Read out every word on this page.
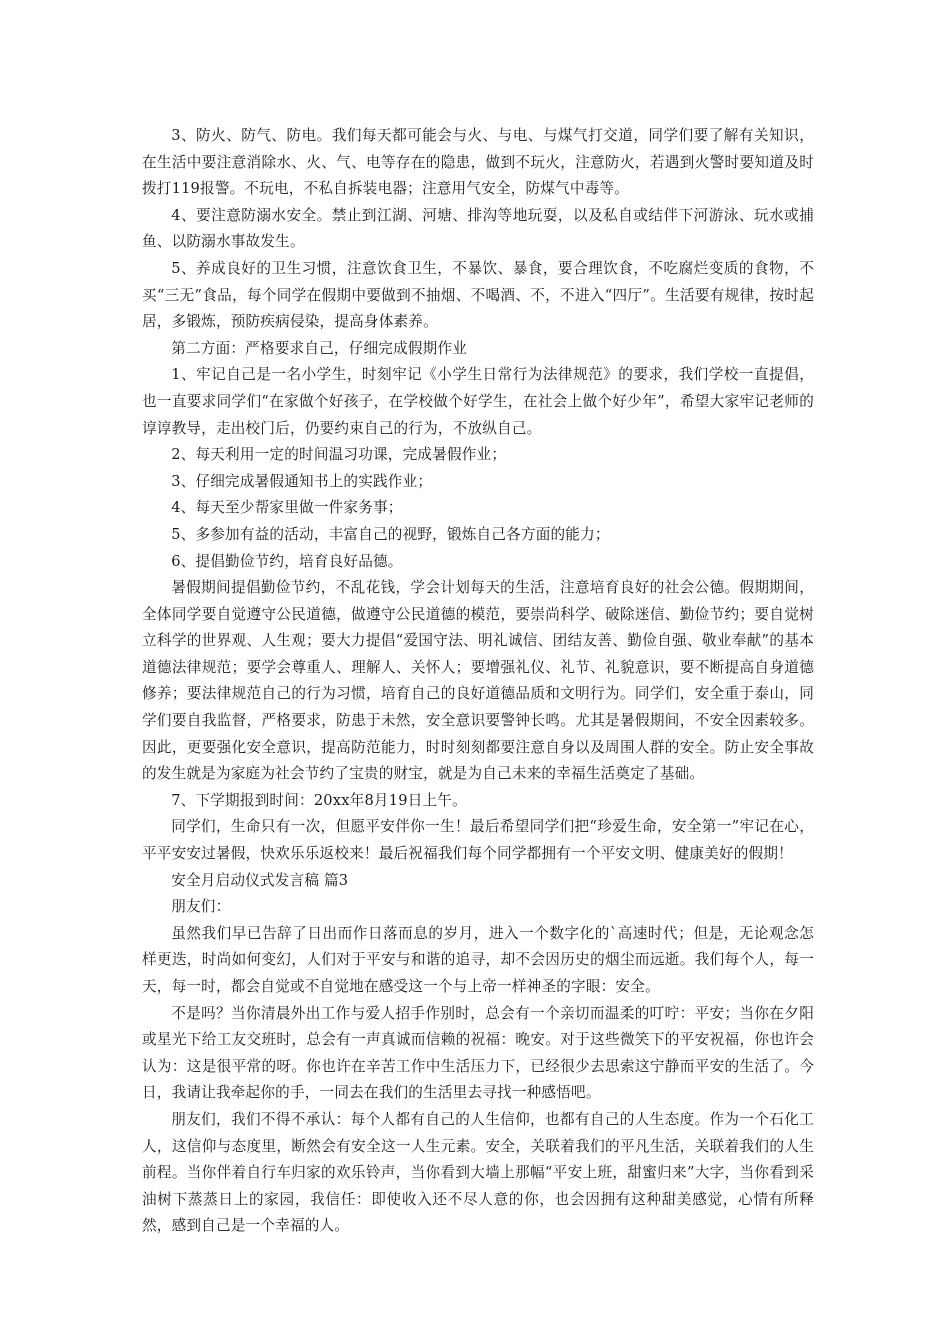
3、防火、防气、防电。我们每天都可能会与火、与电、与煤气打交道，同学们要了解有关知识，在生活中要注意消除水、火、气、电等存在的隐患，做到不玩火，注意防火，若遇到火警时要知道及时拨打119报警。不玩电，不私自拆装电器；注意用气安全，防煤气中毒等。

4、要注意防溺水安全。禁止到江湖、河塘、排沟等地玩耍，以及私自或结伴下河游泳、玩水或捕鱼、以防溺水事故发生。

5、养成良好的卫生习惯，注意饮食卫生，不暴饮、暴食，要合理饮食，不吃腐烂变质的食物，不买“三无”食品，每个同学在假期中要做到不抽烟、不喝酒、不，不进入“四厅”。生活要有规律，按时起居，多锻炼，预防疾病侵染，提高身体素养。

第二方面：严格要求自己，仔细完成假期作业

1、牢记自己是一名小学生，时刻牢记《小学生日常行为法律规范》的要求，我们学校一直提倡，也一直要求同学们“在家做个好孩子，在学校做个好学生，在社会上做个好少年”，希望大家牢记老师的谆谆教导，走出校门后，仍要约束自己的行为，不放纵自己。

2、每天利用一定的时间温习功课，完成暑假作业；

3、仔细完成暑假通知书上的实践作业；

4、每天至少帮家里做一件家务事；

5、多参加有益的活动，丰富自己的视野，锻炼自己各方面的能力；

6、提倡勤俭节约，培育良好品德。

暑假期间提倡勤俭节约，不乱花钱，学会计划每天的生活，注意培育良好的社会公德。假期期间，全体同学要自觉遵守公民道德，做遵守公民道德的模范，要崇尚科学、破除迷信、勤俭节约；要自觉树立科学的世界观、人生观；要大力提倡“爱国守法、明礼诚信、团结友善、勤俭自强、敬业奉献”的基本道德法律规范；要学会尊重人、理解人、关怀人；要增强礼仪、礼节、礼貌意识，要不断提高自身道德修养；要法律规范自己的行为习惯，培育自己的良好道德品质和文明行为。同学们，安全重于泰山，同学们要自我监督，严格要求，防患于未然，安全意识要警钟长鸣。尤其是暑假期间，不安全因素较多。因此，更要强化安全意识，提高防范能力，时时刻刻都要注意自身以及周围人群的安全。防止安全事故的发生就是为家庭为社会节约了宝贵的财宝，就是为自己未来的幸福生活奠定了基础。

7、下学期报到时间：20xx年8月19日上午。

同学们，生命只有一次，但愿平安伴你一生！最后希望同学们把“珍爱生命，安全第一”牢记在心，平平安安过暑假，快欢乐乐返校来！最后祝福我们每个同学都拥有一个平安文明、健康美好的假期！

安全月启动仪式发言稿 篇3

朋友们：

虽然我们早已告辞了日出而作日落而息的岁月，进入一个数字化的`高速时代；但是，无论观念怎样更迭，时尚如何变幻，人们对于平安与和谐的追寻，却不会因历史的烟尘而远逝。我们每个人，每一天，每一时，都会自觉或不自觉地在感受这一个与上帝一样神圣的字眼：安全。

不是吗？当你清晨外出工作与爱人招手作别时，总会有一个亲切而温柔的叮咛：平安；当你在夕阳或星光下给工友交班时，总会有一声真诚而信赖的祝福：晚安。对于这些微笑下的平安祝福，你也许会认为：这是很平常的呀。你也许在辛苦工作中生活压力下，已经很少去思索这宁静而平安的生活了。今日，我请让我牵起你的手，一同去在我们的生活里去寻找一种感悟吧。

朋友们，我们不得不承认：每个人都有自己的人生信仰，也都有自己的人生态度。作为一个石化工人，这信仰与态度里，断然会有安全这一人生元素。安全，关联着我们的平凡生活，关联着我们的人生前程。当你伴着自行车归家的欢乐铃声，当你看到大墙上那幅“平安上班，甜蜜归来”大字，当你看到采油树下蒸蒸日上的家园，我信任：即使收入还不尽人意的你，也会因拥有这种甜美感觉，心情有所释然，感到自己是一个幸福的人。
